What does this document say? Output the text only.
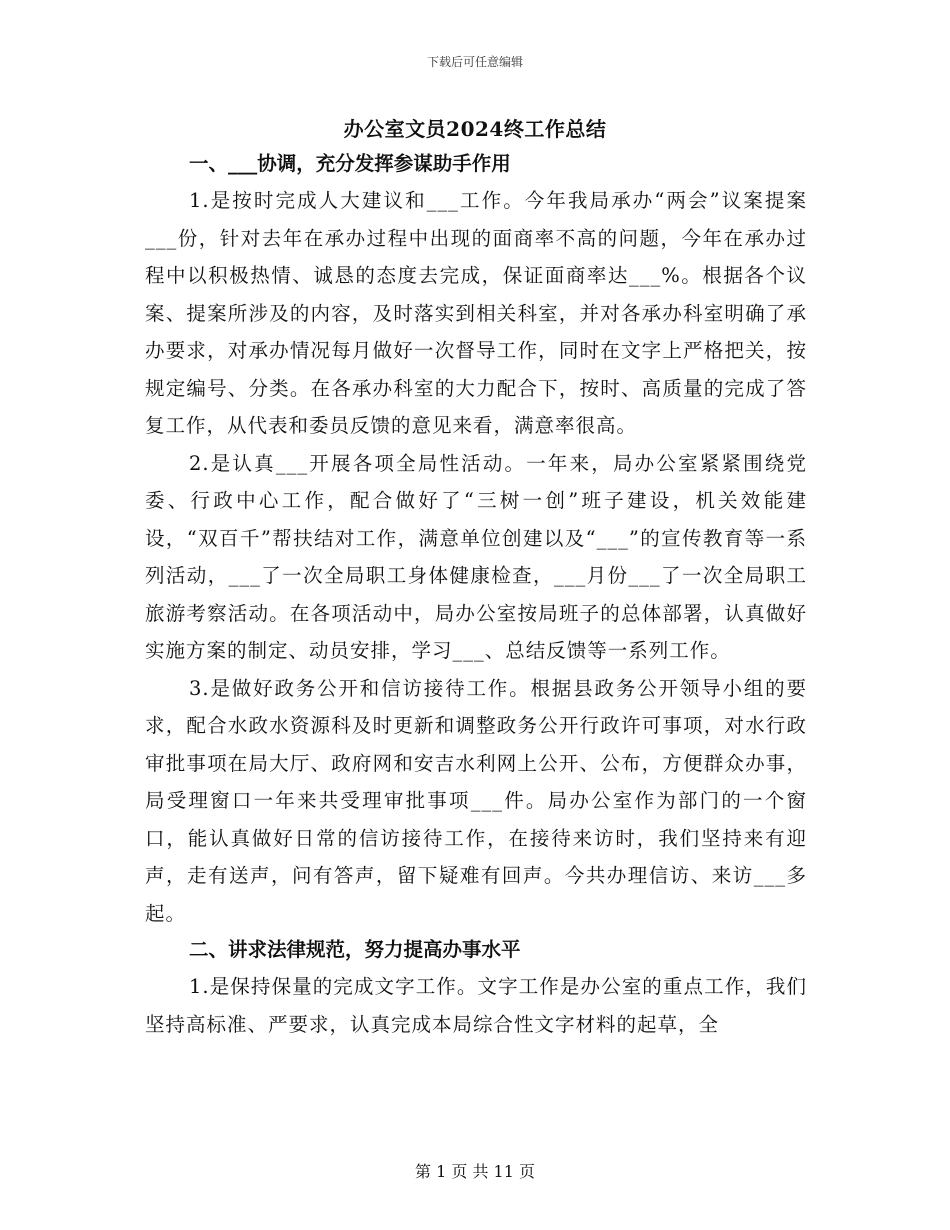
下载后可任意编辑
办公室文员2024终工作总结

一、___协调，充分发挥参谋助手作用

1.是按时完成人大建议和___工作。今年我局承办“两会”议案提案___份，针对去年在承办过程中出现的面商率不高的问题，今年在承办过程中以积极热情、诚恳的态度去完成，保证面商率达___%。根据各个议案、提案所涉及的内容，及时落实到相关科室，并对各承办科室明确了承办要求，对承办情况每月做好一次督导工作，同时在文字上严格把关，按规定编号、分类。在各承办科室的大力配合下，按时、高质量的完成了答复工作，从代表和委员反馈的意见来看，满意率很高。

2.是认真___开展各项全局性活动。一年来，局办公室紧紧围绕党委、行政中心工作，配合做好了“三树一创”班子建设，机关效能建设，“双百千”帮扶结对工作，满意单位创建以及“___”的宣传教育等一系列活动，___了一次全局职工身体健康检查，___月份___了一次全局职工旅游考察活动。在各项活动中，局办公室按局班子的总体部署，认真做好实施方案的制定、动员安排，学习___、总结反馈等一系列工作。

3.是做好政务公开和信访接待工作。根据县政务公开领导小组的要求，配合水政水资源科及时更新和调整政务公开行政许可事项，对水行政审批事项在局大厅、政府网和安吉水利网上公开、公布，方便群众办事，局受理窗口一年来共受理审批事项___件。局办公室作为部门的一个窗口，能认真做好日常的信访接待工作，在接待来访时，我们坚持来有迎声，走有送声，问有答声，留下疑难有回声。今共办理信访、来访___多起。

二、讲求法律规范，努力提高办事水平

1.是保持保量的完成文字工作。文字工作是办公室的重点工作，我们坚持高标准、严要求，认真完成本局综合性文字材料的起草，全

第 1 页 共 11 页
